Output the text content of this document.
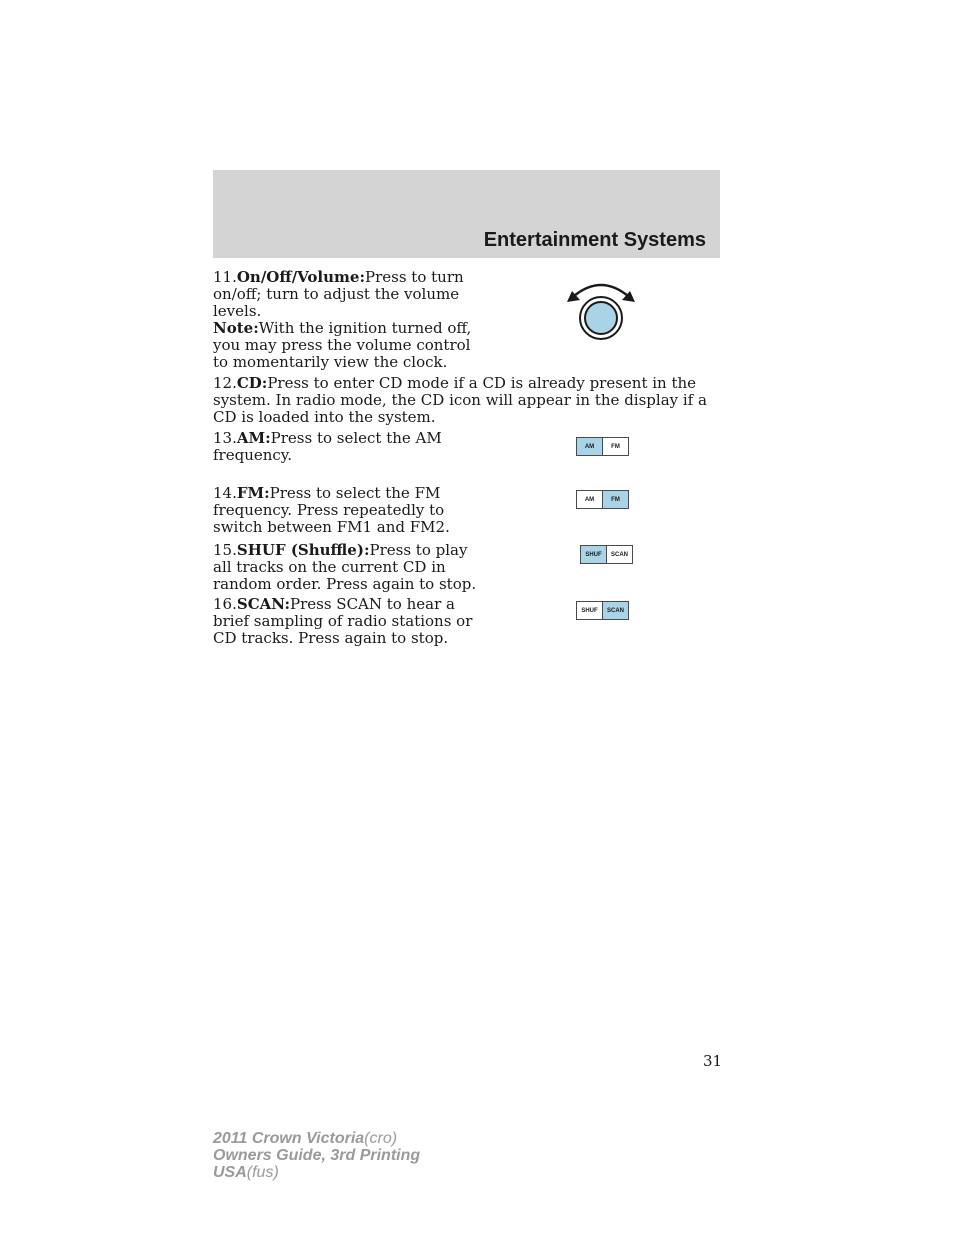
Entertainment Systems
11.On/Off/Volume:Press to turn on/off; turn to adjust the volume levels.
Note:With the ignition turned off, you may press the volume control to momentarily view the clock.
12.CD:Press to enter CD mode if a CD is already present in the system. In radio mode, the CD icon will appear in the display if a CD is loaded into the system.
13.AM:Press to select the AM frequency.	AM	FM
14.FM:Press to select the FM frequency. Press repeatedly to switch between FM1 and FM2.
AM	FM
15.SHUF (Shuffle):Press to play all tracks on the current CD in random order. Press again to stop.
SHUF	SCAN
16.SCAN:Press SCAN to hear a brief sampling of radio stations or CD tracks. Press again to stop.
SHUF	SCAN
31
2011 Crown Victoria(cro)
Owners Guide, 3rd Printing
USA(fus)
